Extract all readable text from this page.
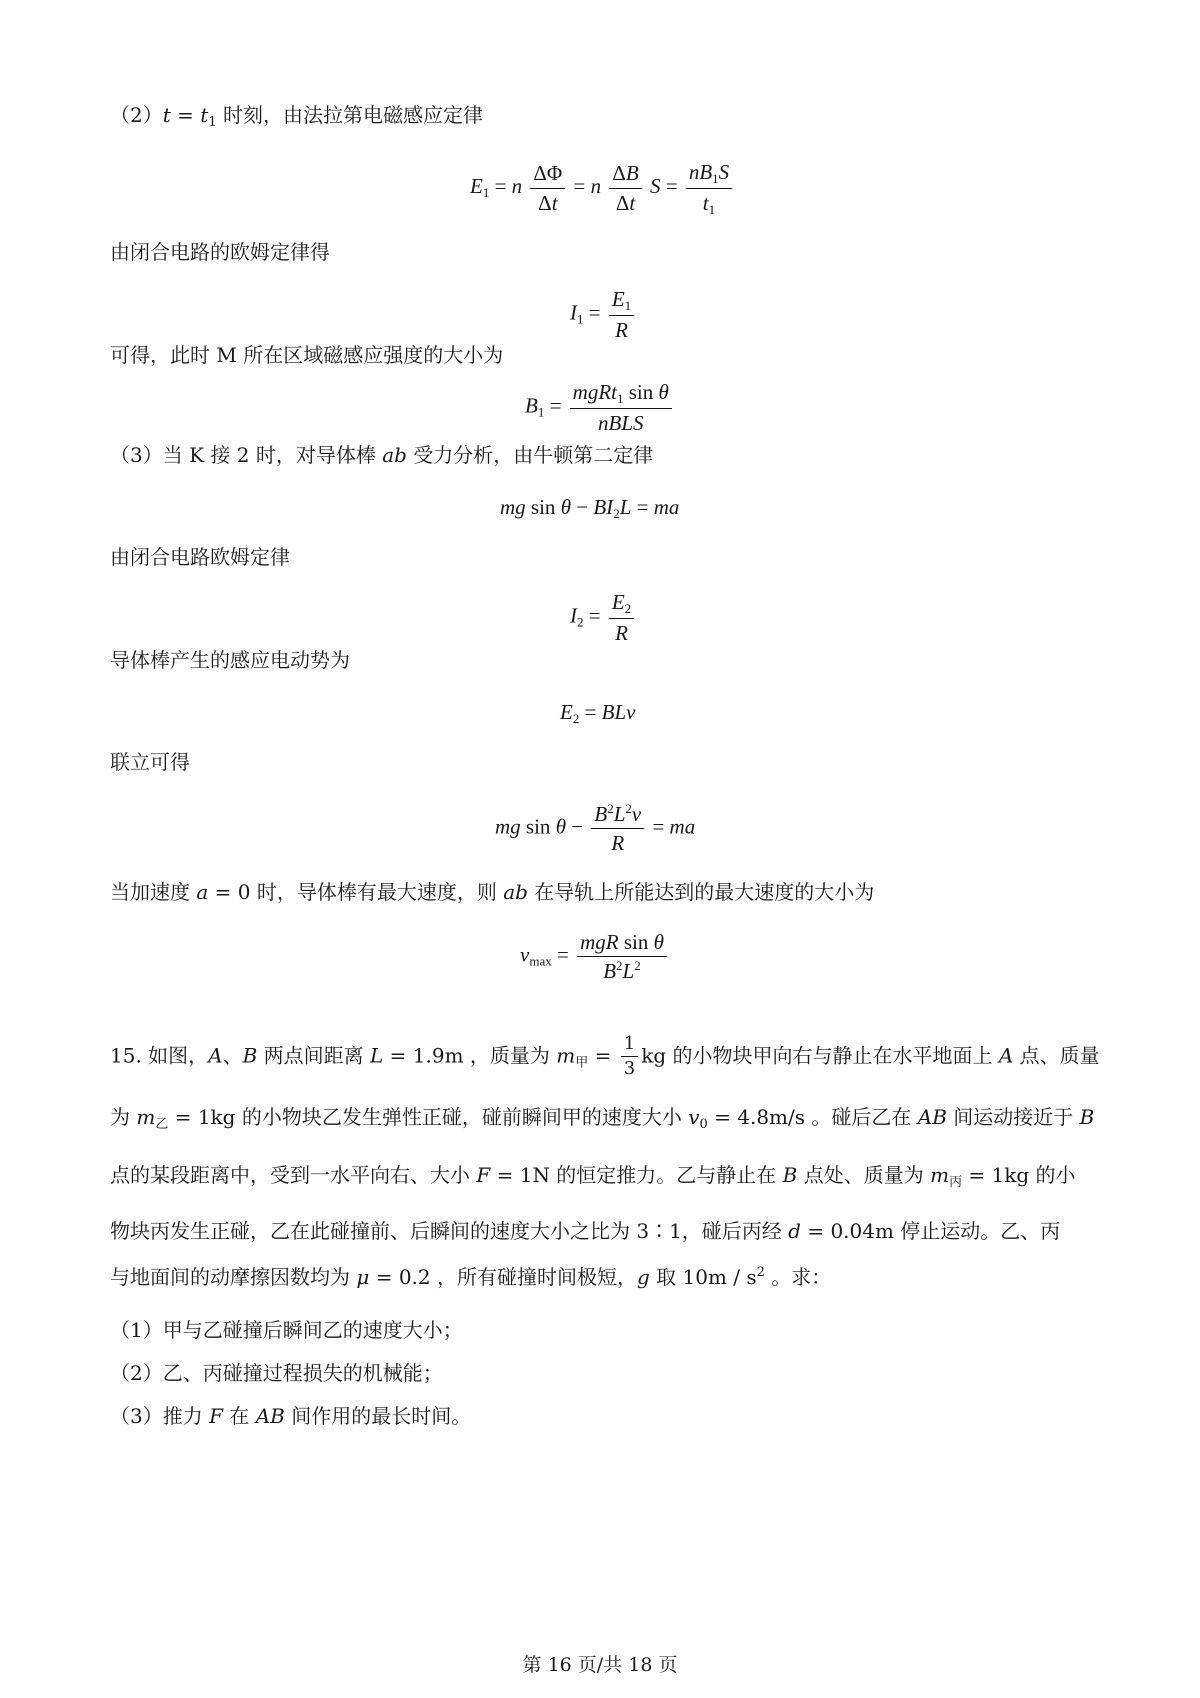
$(2)t = t_1$ 时刻，由法拉第电磁感应定律
$E_1 = n \frac{\Delta\Phi}{\Delta t} = n \frac{\Delta B}{\Delta t}$ $S = \frac{nB_1S}{t_1}$
由闭合电路的欧姆定律得
$I_1 = \frac{E_1}{R}$
可得，此时 M 所在区域磁感应强度的大小为
$B_1 = \frac{mgRt_1 \sin \theta}{\text{nBLS}}$
（3）当 K 接 2 时，对导体棒 ab 受力分析，由牛顿第二定律
mg $\sin \theta - BI_2L$ = ma
由闭合电路欧姆定律
$I_2 = \frac{E_2}{R}$
导体棒产生的感应电动势为
$E_2$ = BLv
联立可得
mg $\sin \theta - \frac{B^2L^2v}{R}$ = ma
当加速度 a = 0 时，导体棒有最大速度，则 ab 在导轨上所能达到的最大速度的大小为
$v_{max} = \frac{\text{mgR sin θ}}{B^2L^2}$
15. 如图，A、B 两点间距离 L = 1.9m ，质量为 $m_甲 = \frac{1}{3}$ kg 的小物块甲向右与静止在水平地面上 A 点、质量
为 $m_乙 = 1kg$ 的小物块乙发生弹性正碰，碰前瞬间甲的速度大小 $v_0 = 4.8m/s$ 。碰后乙在 AB 间运动接近于 B
点的某段距离中，受到一水平向右、大小 F = 1N 的恒定推力。乙与静止在 B 点处、质量为 $m_丙 = 1kg$ 的小
物块丙发生正碰，乙在此碰撞前、后瞬间的速度大小之比为 3∶1，碰后丙经 d = 0.04m 停止运动。乙、丙
与地面间的动摩擦因数均为 μ = 0.2 ，所有碰撞时间极短，g 取 $10m / s^2$ 。求：
（1）甲与乙碰撞后瞬间乙的速度大小；
（2）乙、丙碰撞过程损失的机械能；
（3）推力 F 在 AB 间作用的最长时间。
第 16 页/共 18 页
